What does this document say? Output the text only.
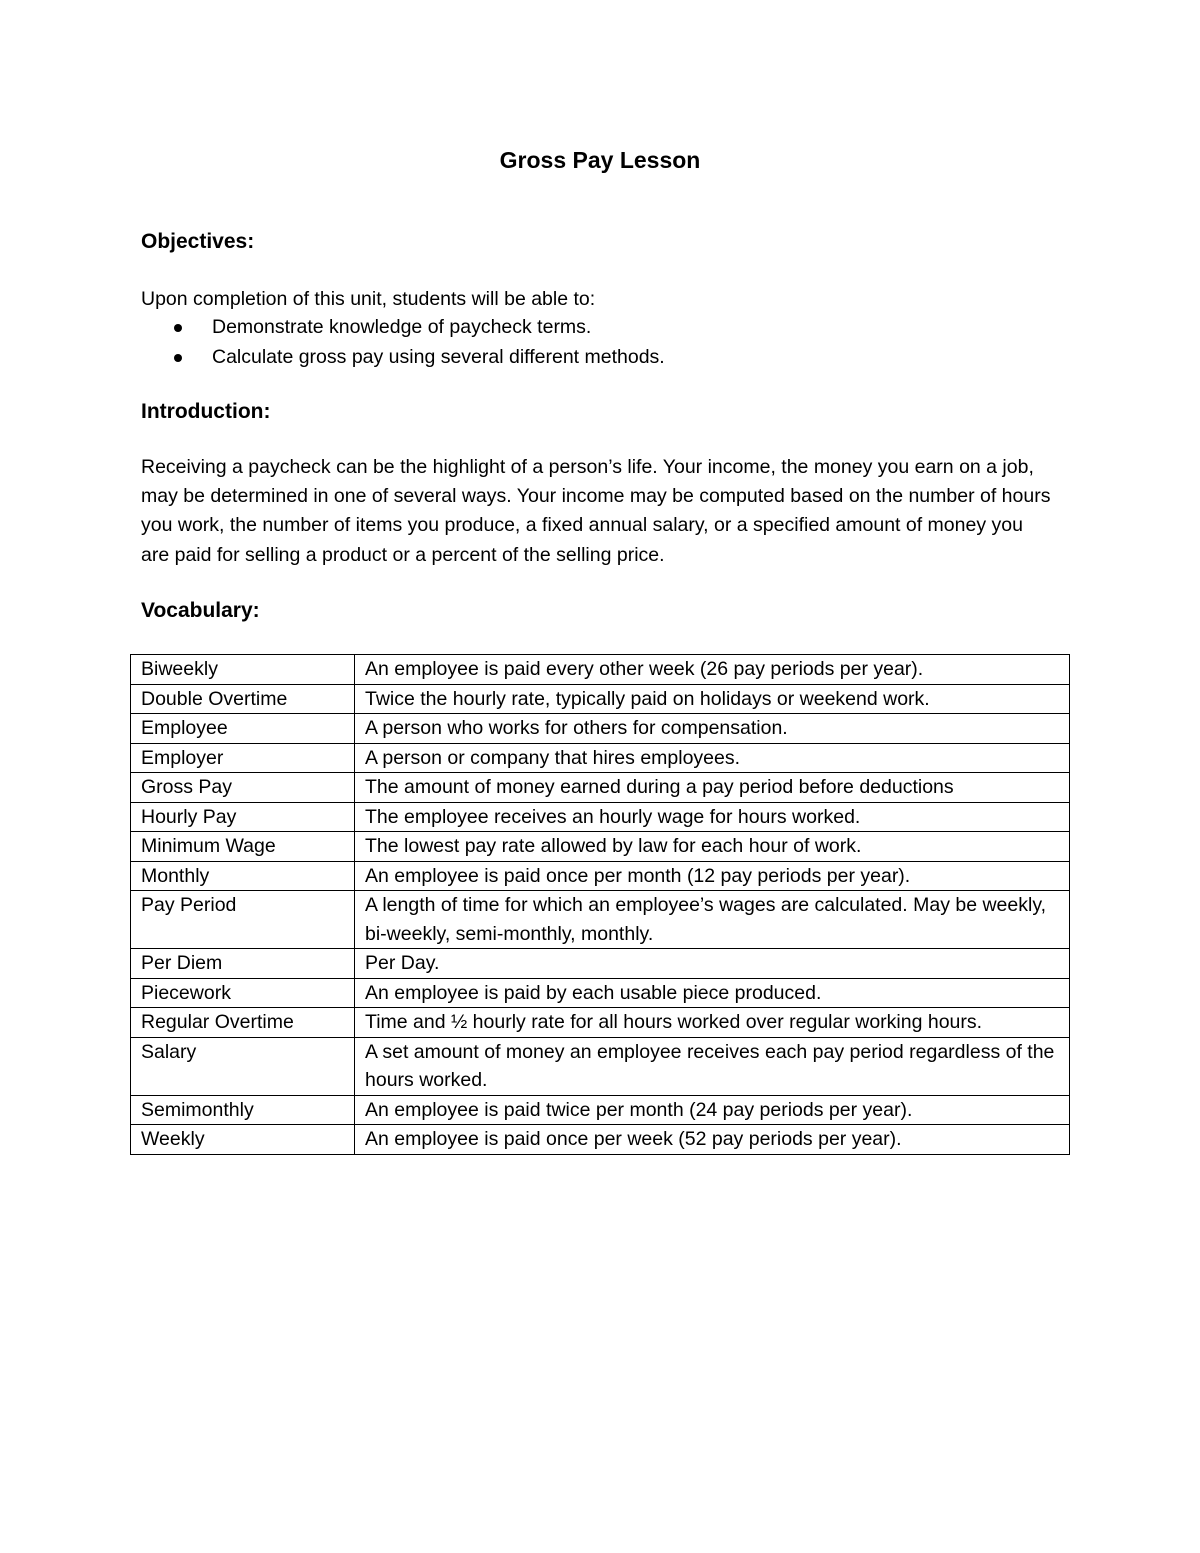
Gross Pay Lesson
Objectives:
Upon completion of this unit, students will be able to:
Demonstrate knowledge of paycheck terms.
Calculate gross pay using several different methods.
Introduction:
Receiving a paycheck can be the highlight of a person’s life. Your income, the money you earn on a job, may be determined in one of several ways. Your income may be computed based on the number of hours you work, the number of items you produce, a fixed annual salary, or a specified amount of money you are paid for selling a product or a percent of the selling price.
Vocabulary:
Biweekly	An employee is paid every other week (26 pay periods per year).
Double Overtime	Twice the hourly rate, typically paid on holidays or weekend work.
Employee	A person who works for others for compensation.
Employer	A person or company that hires employees.
Gross Pay	The amount of money earned during a pay period before deductions
Hourly Pay	The employee receives an hourly wage for hours worked.
Minimum Wage	The lowest pay rate allowed by law for each hour of work.
Monthly	An employee is paid once per month (12 pay periods per year).
Pay Period	A length of time for which an employee’s wages are calculated. May be weekly, bi-weekly, semi-monthly, monthly.
Per Diem	Per Day.
Piecework	An employee is paid by each usable piece produced.
Regular Overtime	Time and ½ hourly rate for all hours worked over regular working hours.
Salary	A set amount of money an employee receives each pay period regardless of the hours worked.
Semimonthly	An employee is paid twice per month (24 pay periods per year).
Weekly	An employee is paid once per week (52 pay periods per year).
